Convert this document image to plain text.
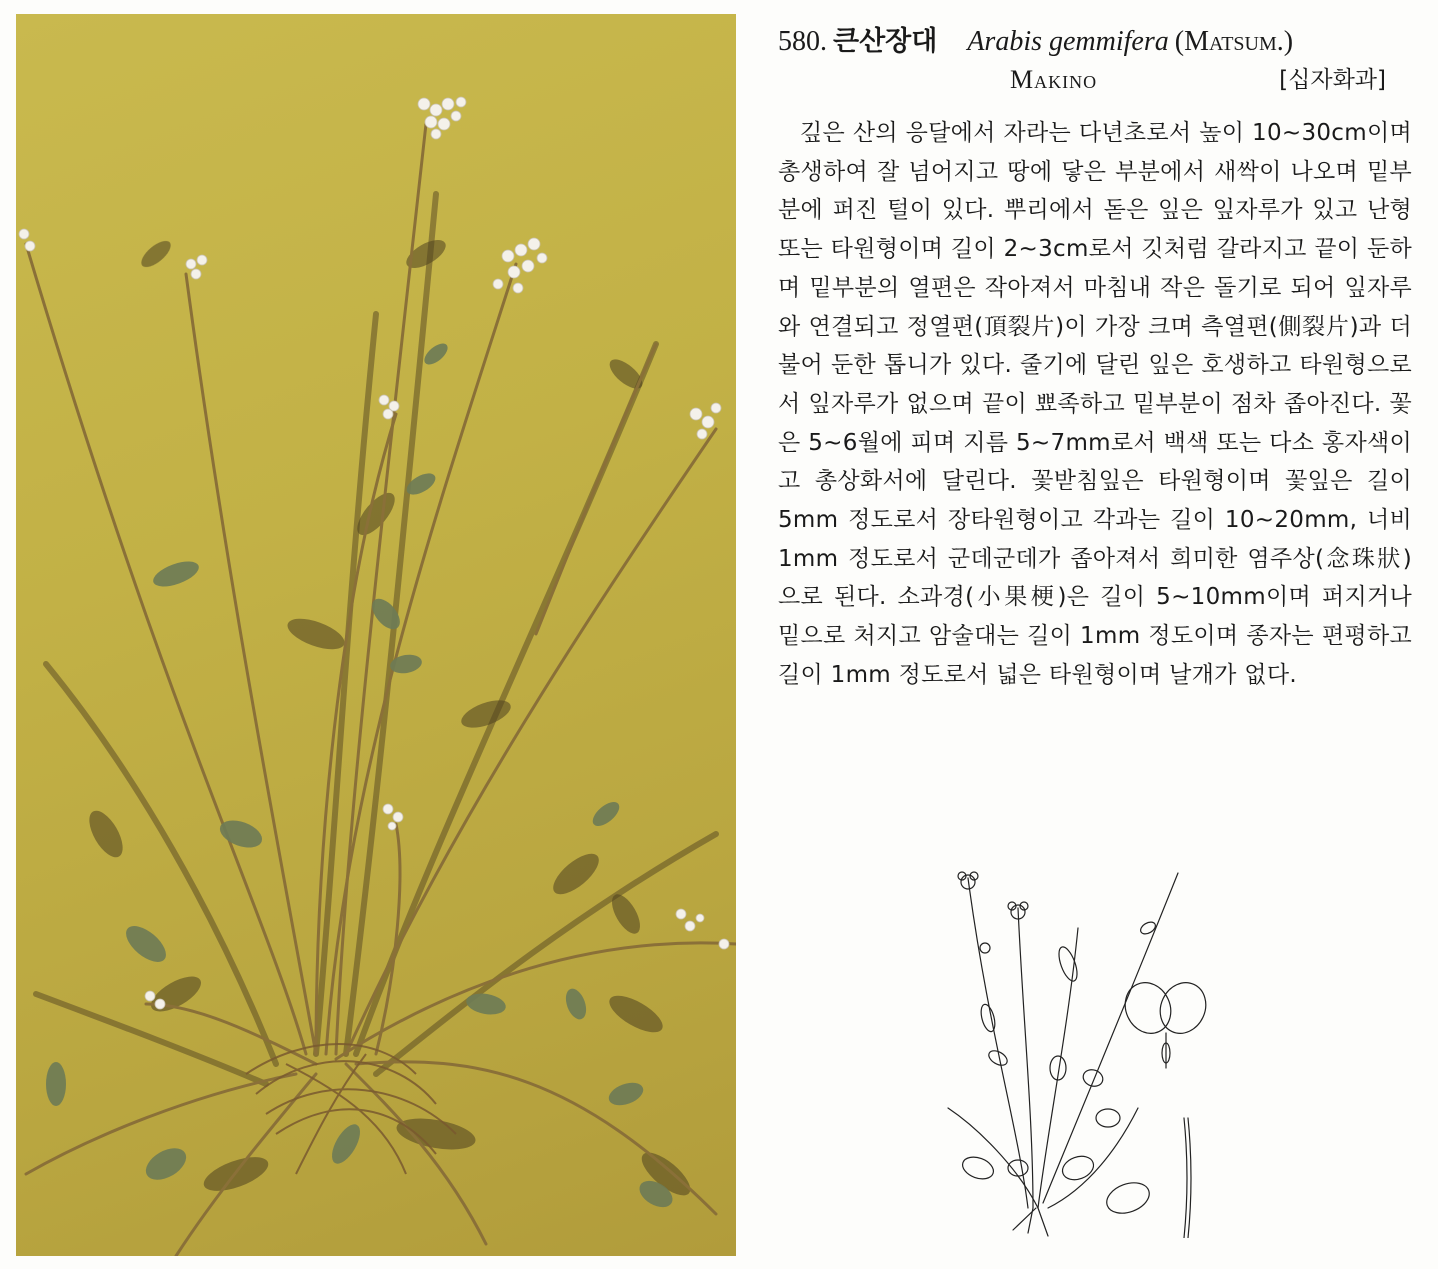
580. 큰산장대 Arabis gemmifera (Matsum.)
Makino	[십자화과]

깊은 산의 응달에서 자라는 다년초로서 높이 10~30cm이며 총생하여 잘 넘어지고 땅에 닿은 부분에서 새싹이 나오며 밑부분에 퍼진 털이 있다. 뿌리에서 돋은 잎은 잎자루가 있고 난형 또는 타원형이며 길이 2~3cm로서 깃처럼 갈라지고 끝이 둔하며 밑부분의 열편은 작아져서 마침내 작은 돌기로 되어 잎자루와 연결되고 정열편(頂裂片)이 가장 크며 측열편(側裂片)과 더불어 둔한 톱니가 있다. 줄기에 달린 잎은 호생하고 타원형으로서 잎자루가 없으며 끝이 뾰족하고 밑부분이 점차 좁아진다. 꽃은 5~6월에 피며 지름 5~7mm로서 백색 또는 다소 홍자색이고 총상화서에 달린다. 꽃받침잎은 타원형이며 꽃잎은 길이 5mm 정도로서 장타원형이고 각과는 길이 10~20mm, 너비 1mm 정도로서 군데군데가 좁아져서 희미한 염주상(念珠狀)으로 된다. 소과경(小果梗)은 길이 5~10mm이며 퍼지거나 밑으로 처지고 암술대는 길이 1mm 정도이며 종자는 편평하고 길이 1mm 정도로서 넓은 타원형이며 날개가 없다.
